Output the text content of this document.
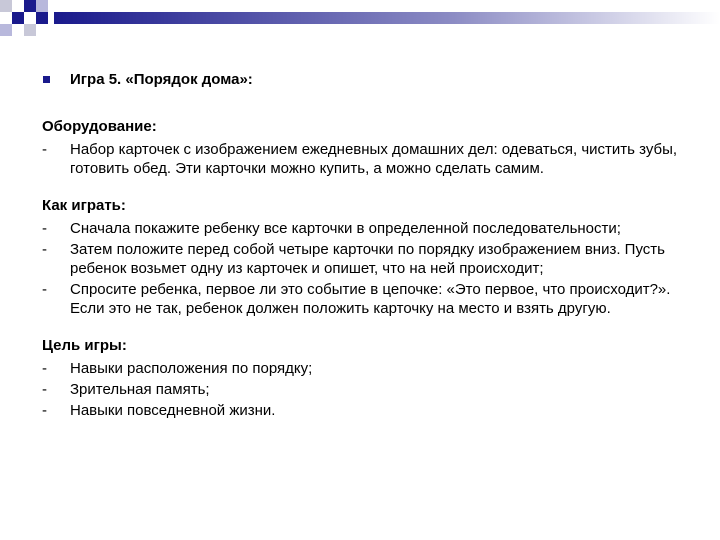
Игра 5. «Порядок дома»:
Оборудование:
-	Набор карточек с изображением ежедневных домашних дел: одеваться, чистить зубы, готовить обед. Эти карточки можно купить, а можно сделать самим.
Как играть:
-	Сначала покажите ребенку все карточки в определенной последовательности;
-	Затем положите перед собой четыре карточки по порядку изображением вниз. Пусть ребенок возьмет одну из карточек и опишет, что на ней происходит;
-	Спросите ребенка, первое ли это событие в цепочке: «Это первое, что происходит?». Если это не так, ребенок должен положить карточку на место и взять другую.
Цель игры:
-	Навыки расположения по порядку;
-	Зрительная память;
-	Навыки повседневной жизни.
